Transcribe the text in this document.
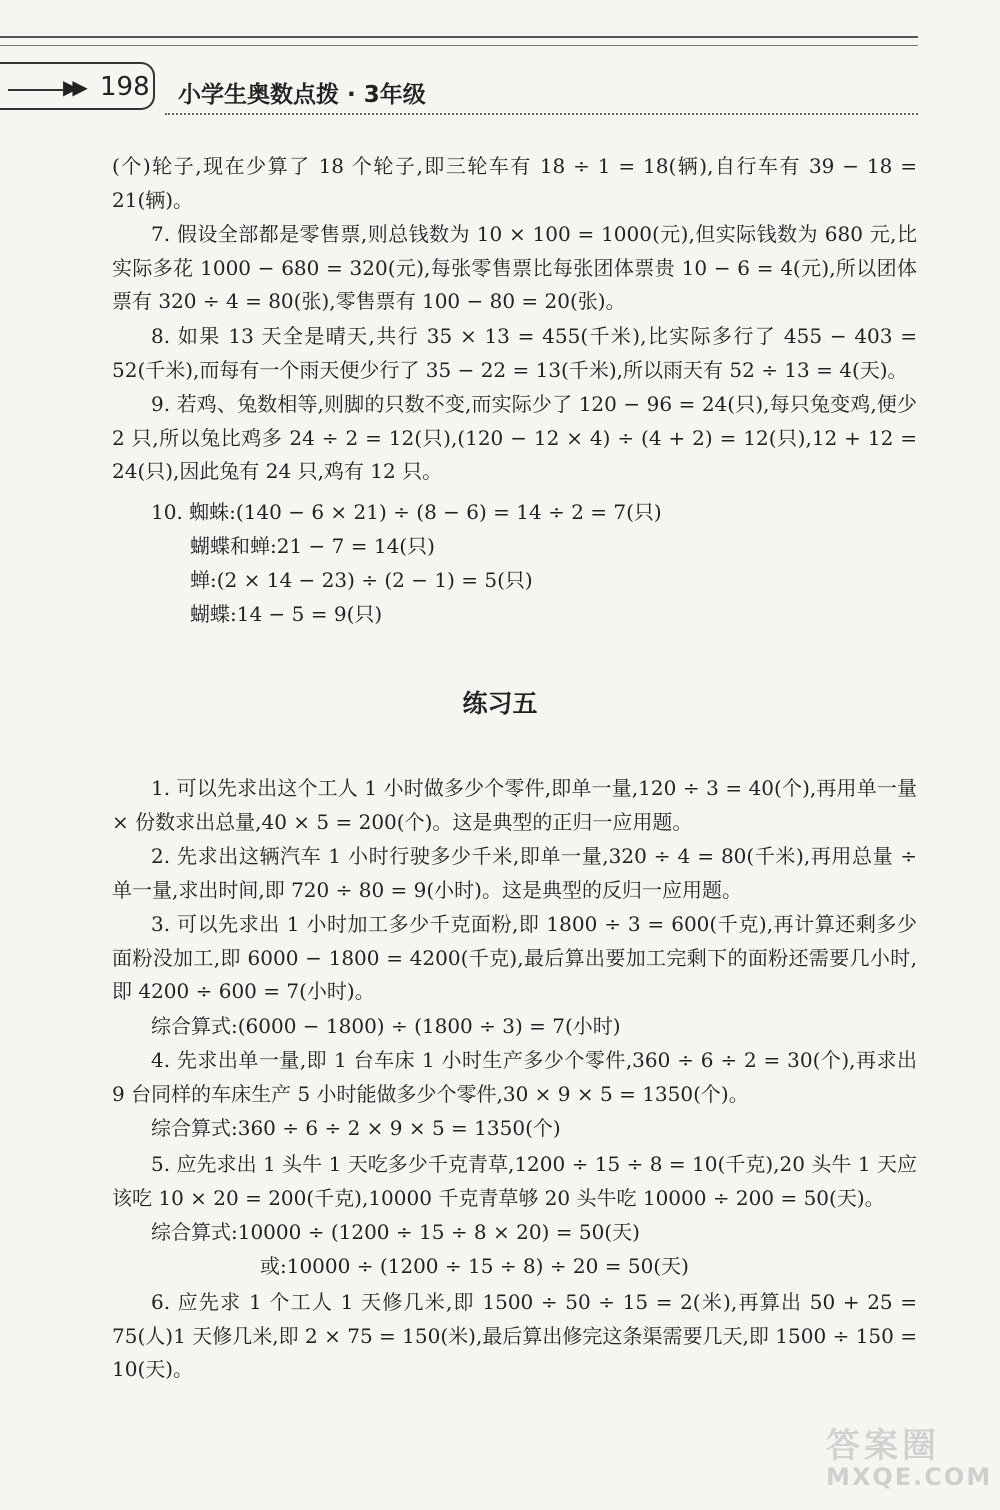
▶▶ 198 小学生奥数点拨 · 3年级
(个)轮子,现在少算了 18 个轮子,即三轮车有 18 ÷ 1 = 18(辆),自行车有 39 − 18 = 21(辆)。
7. 假设全部都是零售票,则总钱数为 10 × 100 = 1000(元),但实际钱数为 680 元,比实际多花 1000 − 680 = 320(元),每张零售票比每张团体票贵 10 − 6 = 4(元),所以团体票有 320 ÷ 4 = 80(张),零售票有 100 − 80 = 20(张)。
8. 如果 13 天全是晴天,共行 35 × 13 = 455(千米),比实际多行了 455 − 403 = 52(千米),而每有一个雨天便少行了 35 − 22 = 13(千米),所以雨天有 52 ÷ 13 = 4(天)。
9. 若鸡、兔数相等,则脚的只数不变,而实际少了 120 − 96 = 24(只),每只兔变鸡,便少 2 只,所以兔比鸡多 24 ÷ 2 = 12(只),(120 − 12 × 4) ÷ (4 + 2) = 12(只),12 + 12 = 24(只),因此兔有 24 只,鸡有 12 只。
10. 蜘蛛:(140 − 6 × 21) ÷ (8 − 6) = 14 ÷ 2 = 7(只)
蝴蝶和蝉:21 − 7 = 14(只)
蝉:(2 × 14 − 23) ÷ (2 − 1) = 5(只)
蝴蝶:14 − 5 = 9(只)
练习五
1. 可以先求出这个工人 1 小时做多少个零件,即单一量,120 ÷ 3 = 40(个),再用单一量 × 份数求出总量,40 × 5 = 200(个)。这是典型的正归一应用题。
2. 先求出这辆汽车 1 小时行驶多少千米,即单一量,320 ÷ 4 = 80(千米),再用总量 ÷ 单一量,求出时间,即 720 ÷ 80 = 9(小时)。这是典型的反归一应用题。
3. 可以先求出 1 小时加工多少千克面粉,即 1800 ÷ 3 = 600(千克),再计算还剩多少面粉没加工,即 6000 − 1800 = 4200(千克),最后算出要加工完剩下的面粉还需要几小时,即 4200 ÷ 600 = 7(小时)。
综合算式:(6000 − 1800) ÷ (1800 ÷ 3) = 7(小时)
4. 先求出单一量,即 1 台车床 1 小时生产多少个零件,360 ÷ 6 ÷ 2 = 30(个),再求出 9 台同样的车床生产 5 小时能做多少个零件,30 × 9 × 5 = 1350(个)。
综合算式:360 ÷ 6 ÷ 2 × 9 × 5 = 1350(个)
5. 应先求出 1 头牛 1 天吃多少千克青草,1200 ÷ 15 ÷ 8 = 10(千克),20 头牛 1 天应该吃 10 × 20 = 200(千克),10000 千克青草够 20 头牛吃 10000 ÷ 200 = 50(天)。
综合算式:10000 ÷ (1200 ÷ 15 ÷ 8 × 20) = 50(天)
或:10000 ÷ (1200 ÷ 15 ÷ 8) ÷ 20 = 50(天)
6. 应先求 1 个工人 1 天修几米,即 1500 ÷ 50 ÷ 15 = 2(米),再算出 50 + 25 = 75(人)1 天修几米,即 2 × 75 = 150(米),最后算出修完这条渠需要几天,即 1500 ÷ 150 = 10(天)。
答案圈
MXQE.COM
